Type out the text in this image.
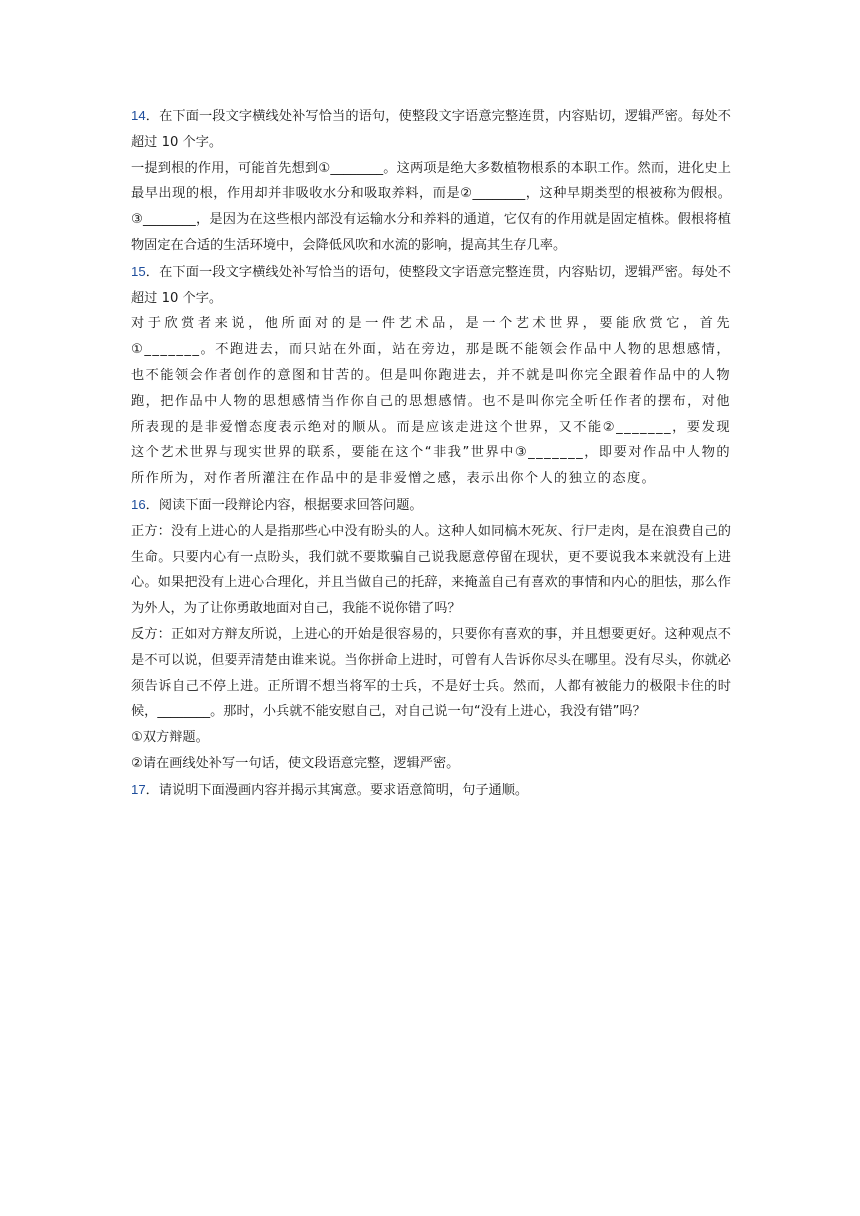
14．在下面一段文字横线处补写恰当的语句，使整段文字语意完整连贯，内容贴切，逻辑严密。每处不超过 10 个字。

一提到根的作用，可能首先想到①________。这两项是绝大多数植物根系的本职工作。然而，进化史上最早出现的根，作用却并非吸收水分和吸取养料，而是②________，这种早期类型的根被称为假根。③________，是因为在这些根内部没有运输水分和养料的通道，它仅有的作用就是固定植株。假根将植物固定在合适的生活环境中，会降低风吹和水流的影响，提高其生存几率。

15．在下面一段文字横线处补写恰当的语句，使整段文字语意完整连贯，内容贴切，逻辑严密。每处不超过 10 个字。

对于欣赏者来说，他所面对的是一件艺术品，是一个艺术世界，要能欣赏它，首先①_______。不跑进去，而只站在外面，站在旁边，那是既不能领会作品中人物的思想感情，也不能领会作者创作的意图和甘苦的。但是叫你跑进去，并不就是叫你完全跟着作品中的人物跑，把作品中人物的思想感情当作你自己的思想感情。也不是叫你完全听任作者的摆布，对他所表现的是非爱憎态度表示绝对的顺从。而是应该走进这个世界，又不能②_______，要发现这个艺术世界与现实世界的联系，要能在这个“非我”世界中③_______，即要对作品中人物的所作所为，对作者所灌注在作品中的是非爱憎之感，表示出你个人的独立的态度。

16．阅读下面一段辩论内容，根据要求回答问题。

正方：没有上进心的人是指那些心中没有盼头的人。这种人如同槁木死灰、行尸走肉，是在浪费自己的生命。只要内心有一点盼头，我们就不要欺骗自己说我愿意停留在现状，更不要说我本来就没有上进心。如果把没有上进心合理化，并且当做自己的托辞，来掩盖自己有喜欢的事情和内心的胆怯，那么作为外人，为了让你勇敢地面对自己，我能不说你错了吗？

反方：正如对方辩友所说，上进心的开始是很容易的，只要你有喜欢的事，并且想要更好。这种观点不是不可以说，但要弄清楚由谁来说。当你拼命上进时，可曾有人告诉你尽头在哪里。没有尽头，你就必须告诉自己不停上进。正所谓不想当将军的士兵，不是好士兵。然而，人都有被能力的极限卡住的时候，________。那时，小兵就不能安慰自己，对自己说一句“没有上进心，我没有错”吗？

①双方辩题。

②请在画线处补写一句话，使文段语意完整，逻辑严密。

17．请说明下面漫画内容并揭示其寓意。要求语意简明，句子通顺。
